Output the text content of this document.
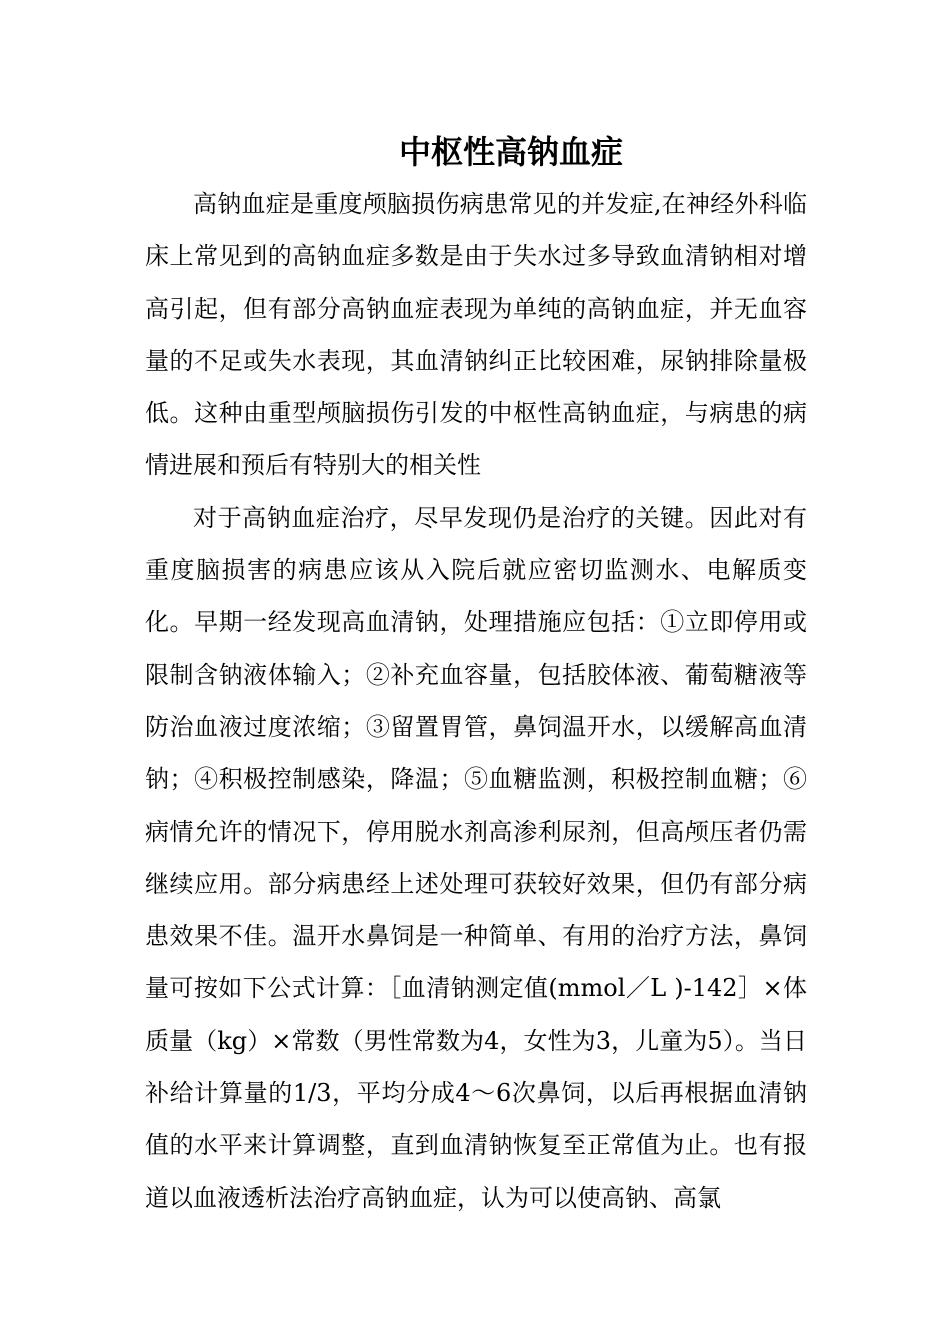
中枢性高钠血症

高钠血症是重度颅脑损伤病患常见的并发症,在神经外科临床上常见到的高钠血症多数是由于失水过多导致血清钠相对增高引起，但有部分高钠血症表现为单纯的高钠血症，并无血容量的不足或失水表现，其血清钠纠正比较困难，尿钠排除量极低。这种由重型颅脑损伤引发的中枢性高钠血症，与病患的病情进展和预后有特别大的相关性

对于高钠血症治疗，尽早发现仍是治疗的关键。因此对有重度脑损害的病患应该从入院后就应密切监测水、电解质变化。早期一经发现高血清钠，处理措施应包括：①立即停用或限制含钠液体输入；②补充血容量，包括胶体液、葡萄糖液等防治血液过度浓缩；③留置胃管，鼻饲温开水，以缓解高血清钠；④积极控制感染，降温；⑤血糖监测，积极控制血糖；⑥病情允许的情况下，停用脱水剂高渗利尿剂，但高颅压者仍需继续应用。部分病患经上述处理可获较好效果，但仍有部分病患效果不佳。温开水鼻饲是一种简单、有用的治疗方法，鼻饲量可按如下公式计算：［血清钠测定值(mmol／L )-142］×体质量（kg）×常数（男性常数为4，女性为3，儿童为5）。当日补给计算量的1/3，平均分成4～6次鼻饲，以后再根据血清钠值的水平来计算调整，直到血清钠恢复至正常值为止。也有报道以血液透析法治疗高钠血症，认为可以使高钠、高氯
